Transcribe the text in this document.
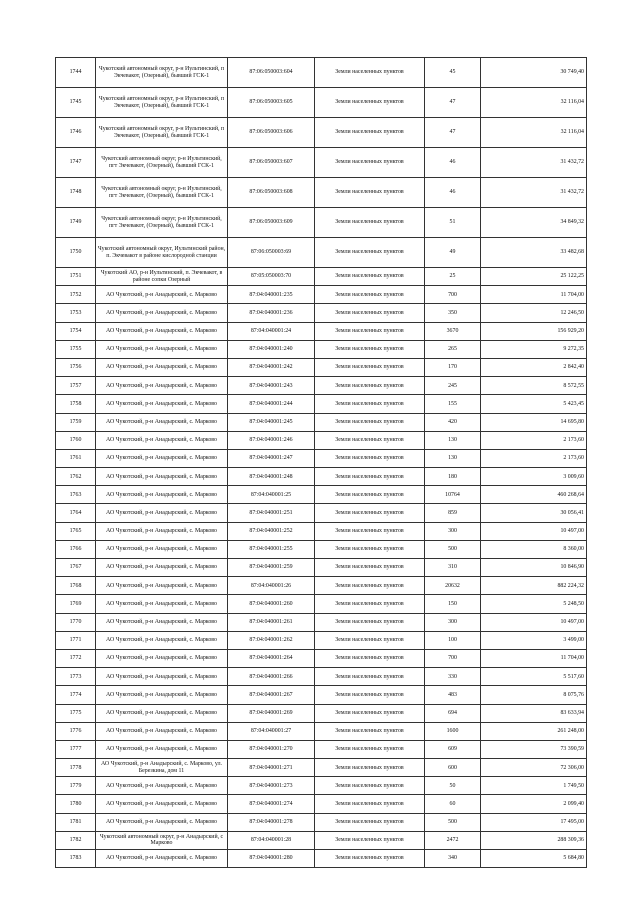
1744	Чукотский автономный округ, р-н Иультинский, п Экчевакот, (Озерный), бывший ГСК-1	87:06:050003:604	Земли населенных пунктов	45	30 749,40
1745	Чукотский автономный округ, р-н Иультинский, п Экчевакот, (Озерный), бывший ГСК-1	87:06:050003:605	Земли населенных пунктов	47	32 116,04
1746	Чукотский автономный округ, р-н Иультинский, п Экчевакот, (Озерный), бывший ГСК-1	87:06:050003:606	Земли населенных пунктов	47	32 116,04
1747	Чукотский автономный округ, р-н Иультинский, пгт Экчевакот, (Озерный), бывший ГСК-1	87:06:050003:607	Земли населенных пунктов	46	31 432,72
1748	Чукотский автономный округ, р-н Иультинский, пгт Экчевакот, (Озерный), бывший ГСК-1	87:06:050003:608	Земли населенных пунктов	46	31 432,72
1749	Чукотский автономный округ, р-н Иультинский, пгт Экчевакот, (Озерный), бывший ГСК-1	87:06:050003:609	Земли населенных пунктов	51	34 849,32
1750	Чукотский автономный округ, Иультинский район, п. Экчевакот в районе кислородной станции	87:06:050003:69	Земли населенных пунктов	49	33 482,68
1751	Чукотский АО, р-н Иультинский, п. Экчевакот, в районе сопки Озерный	87:05:050003:70	Земли населенных пунктов	25	25 122,25
1752	АО Чукотский, р-н Анадырский, с. Марково	87:04:040001:235	Земли населенных пунктов	700	11 704,00
1753	АО Чукотский, р-н Анадырский, с. Марково	87:04:040001:236	Земли населенных пунктов	350	12 246,50
1754	АО Чукотский, р-н Анадырский, с. Марково	87:04:040001:24	Земли населенных пунктов	3670	156 929,20
1755	АО Чукотский, р-н Анадырский, с. Марково	87:04:040001:240	Земли населенных пунктов	265	9 272,35
1756	АО Чукотский, р-н Анадырский, с. Марково	87:04:040001:242	Земли населенных пунктов	170	2 842,40
1757	АО Чукотский, р-н Анадырский, с. Марково	87:04:040001:243	Земли населенных пунктов	245	8 572,55
1758	АО Чукотский, р-н Анадырский, с. Марково	87:04:040001:244	Земли населенных пунктов	155	5 423,45
1759	АО Чукотский, р-н Анадырский, с. Марково	87:04:040001:245	Земли населенных пунктов	420	14 695,80
1760	АО Чукотский, р-н Анадырский, с. Марково	87:04:040001:246	Земли населенных пунктов	130	2 173,60
1761	АО Чукотский, р-н Анадырский, с. Марково	87:04:040001:247	Земли населенных пунктов	130	2 173,60
1762	АО Чукотский, р-н Анадырский, с. Марково	87:04:040001:248	Земли населенных пунктов	180	3 009,60
1763	АО Чукотский, р-н Анадырский, с. Марково	87:04:040001:25	Земли населенных пунктов	10764	460 268,64
1764	АО Чукотский, р-н Анадырский, с. Марково	87:04:040001:251	Земли населенных пунктов	859	30 056,41
1765	АО Чукотский, р-н Анадырский, с. Марково	87:04:040001:252	Земли населенных пунктов	300	10 497,00
1766	АО Чукотский, р-н Анадырский, с. Марково	87:04:040001:255	Земли населенных пунктов	500	8 360,00
1767	АО Чукотский, р-н Анадырский, с. Марково	87:04:040001:259	Земли населенных пунктов	310	10 846,90
1768	АО Чукотский, р-н Анадырский, с. Марково	87:04:040001:26	Земли населенных пунктов	20632	882 224,32
1769	АО Чукотский, р-н Анадырский, с. Марково	87:04:040001:260	Земли населенных пунктов	150	5 248,50
1770	АО Чукотский, р-н Анадырский, с. Марково	87:04:040001:261	Земли населенных пунктов	300	10 497,00
1771	АО Чукотский, р-н Анадырский, с. Марково	87:04:040001:262	Земли населенных пунктов	100	3 499,00
1772	АО Чукотский, р-н Анадырский, с. Марково	87:04:040001:264	Земли населенных пунктов	700	11 704,00
1773	АО Чукотский, р-н Анадырский, с. Марково	87:04:040001:266	Земли населенных пунктов	330	5 517,60
1774	АО Чукотский, р-н Анадырский, с. Марково	87:04:040001:267	Земли населенных пунктов	483	8 075,76
1775	АО Чукотский, р-н Анадырский, с. Марково	87:04:040001:269	Земли населенных пунктов	694	83 633,94
1776	АО Чукотский, р-н Анадырский, с. Марково	87:04:040001:27	Земли населенных пунктов	1600	261 248,00
1777	АО Чукотский, р-н Анадырский, с. Марково	87:04:040001:270	Земли населенных пунктов	609	73 390,59
1778	АО Чукотский, р-н Анадырский, с. Марково, ул. Березкина, дом 11	87:04:040001:271	Земли населенных пунктов	600	72 306,00
1779	АО Чукотский, р-н Анадырский, с. Марково	87:04:040001:273	Земли населенных пунктов	50	1 749,50
1780	АО Чукотский, р-н Анадырский, с. Марково	87:04:040001:274	Земли населенных пунктов	60	2 099,40
1781	АО Чукотский, р-н Анадырский, с. Марково	87:04:040001:278	Земли населенных пунктов	500	17 495,00
1782	Чукотский автономный округ, р-н Анадырский, с Марково	87:04:040001:28	Земли населенных пунктов	2472	288 309,36
1783	АО Чукотский, р-н Анадырский, с. Марково	87:04:040001:280	Земли населенных пунктов	340	5 684,80
